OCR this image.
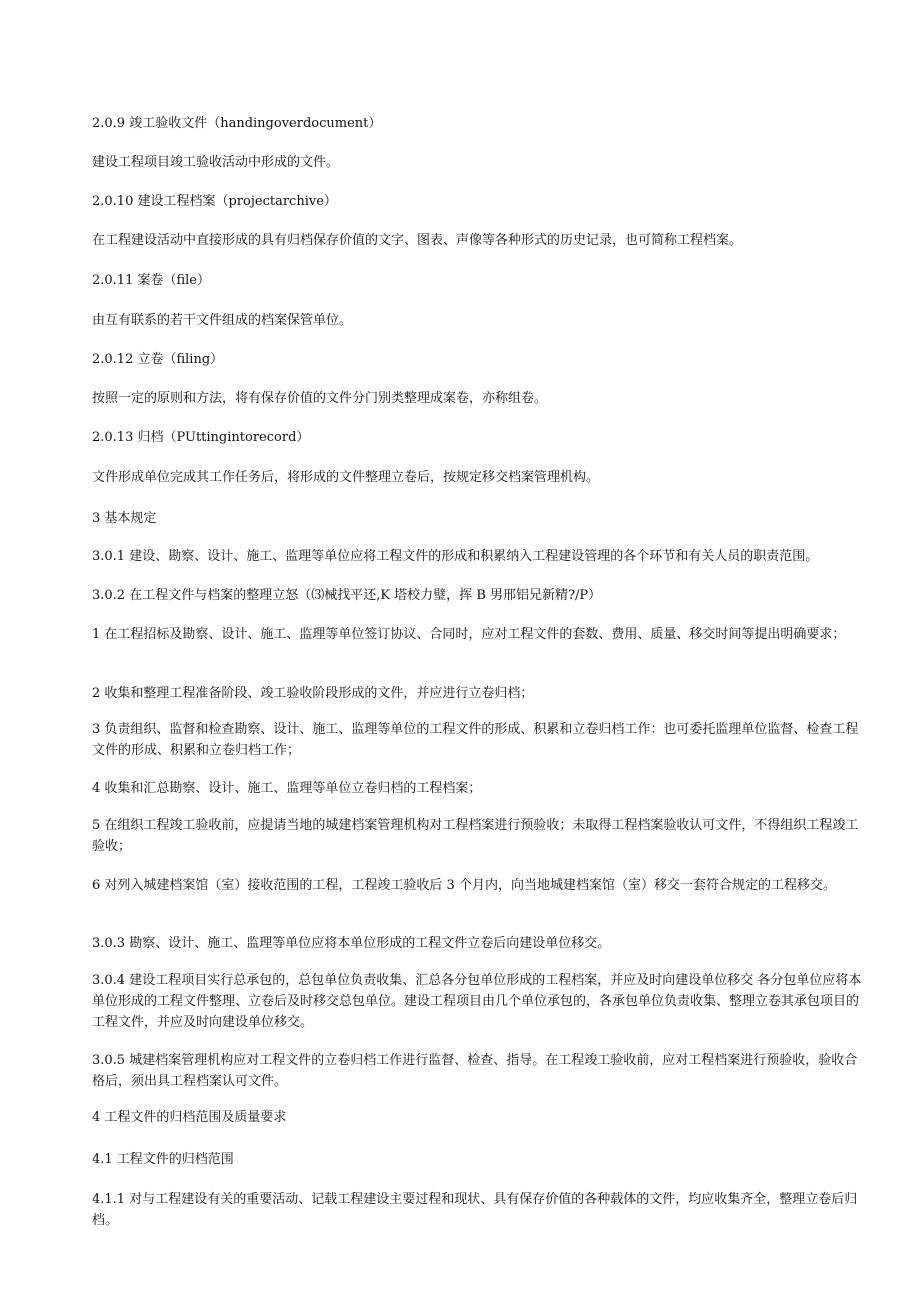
2.0.9 竣工验收文件（handingoverdocument）

建设工程项目竣工验收活动中形成的文件。

2.0.10 建设工程档案（projectarchive）

在工程建设活动中直接形成的具有归档保存价值的文字、图表、声像等各种形式的历史记录，也可简称工程档案。

2.0.11 案卷（file）

由互有联系的若干文件组成的档案保管单位。

2.0.12 立卷（filing）

按照一定的原则和方法，将有保存价值的文件分门别类整理成案卷，亦称组卷。

2.0.13 归档（PUttingintorecord）

文件形成单位完成其工作任务后，将形成的文件整理立卷后，按规定移交档案管理机构。

3 基本规定

3.0.1 建设、勘察、设计、施工、监理等单位应将工程文件的形成和积累纳入工程建设管理的各个环节和有关人员的职责范围。

3.0.2 在工程文件与档案的整理立怒（⑶械找平还,K 塔校力璧，挥 B 男邢铝兄新精?/P）

1 在工程招标及勘察、设计、施工、监理等单位签订协议、合同时，应对工程文件的套数、费用、质量、移交时间等提出明确要求；

2 收集和整理工程准备阶段、竣工验收阶段形成的文件，并应进行立卷归档；

3 负责组织、监督和检查勘察、设计、施工、监理等单位的工程文件的形成、积累和立卷归档工作：也可委托监理单位监督、检查工程文件的形成、积累和立卷归档工作；

4 收集和汇总勘察、设计、施工、监理等单位立卷归档的工程档案；

5 在组织工程竣工验收前，应提请当地的城建档案管理机构对工程档案进行预验收；未取得工程档案验收认可文件，不得组织工程竣工验收；

6 对列入城建档案馆（室）接收范围的工程，工程竣工验收后 3 个月内，向当地城建档案馆（室）移交一套符合规定的工程移交。

3.0.3 勘察、设计、施工、监理等单位应将本单位形成的工程文件立卷后向建设单位移交。

3.0.4 建设工程项目实行总承包的，总包单位负责收集、汇总各分包单位形成的工程档案，并应及时向建设单位移交 各分包单位应将本单位形成的工程文件整理、立卷后及时移交总包单位。建设工程项目由几个单位承包的，各承包单位负责收集、整理立卷其承包项目的工程文件，并应及时向建设单位移交。

3.0.5 城建档案管理机构应对工程文件的立卷归档工作进行监督、检查、指导。在工程竣工验收前，应对工程档案进行预验收，验收合格后，须出具工程档案认可文件。

4 工程文件的归档范围及质量要求

4.1 工程文件的归档范围

4.1.1 对与工程建设有关的重要活动、记载工程建设主要过程和现状、具有保存价值的各种载体的文件，均应收集齐全，整理立卷后归档。
